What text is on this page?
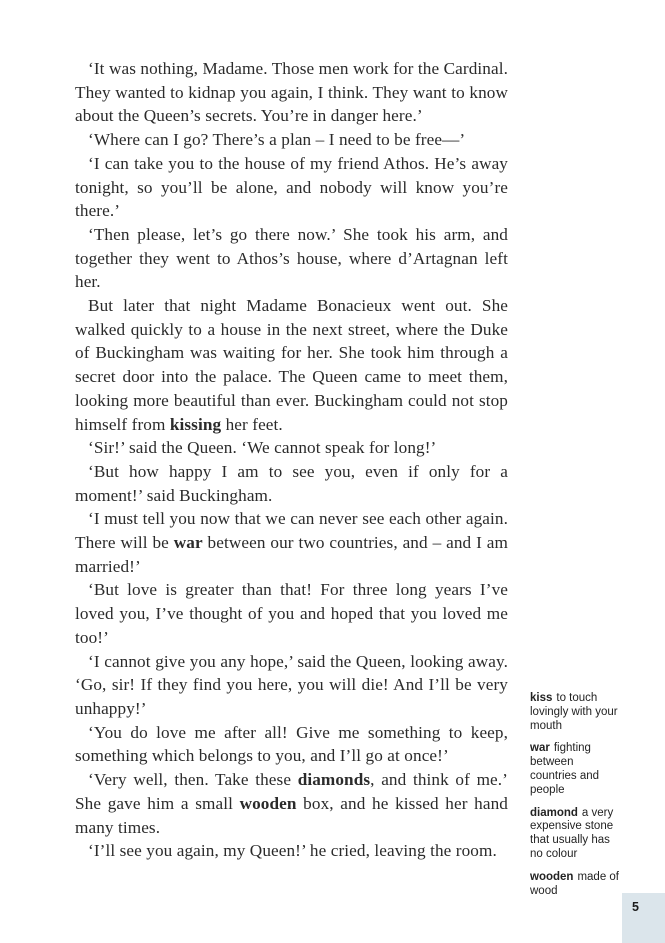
‘It was nothing, Madame. Those men work for the Cardinal. They wanted to kidnap you again, I think. They want to know about the Queen’s secrets. You’re in danger here.’

‘Where can I go? There’s a plan – I need to be free—’

‘I can take you to the house of my friend Athos. He’s away tonight, so you’ll be alone, and nobody will know you’re there.’

‘Then please, let’s go there now.’ She took his arm, and together they went to Athos’s house, where d’Artagnan left her.

But later that night Madame Bonacieux went out. She walked quickly to a house in the next street, where the Duke of Buckingham was waiting for her. She took him through a secret door into the palace. The Queen came to meet them, looking more beautiful than ever. Buckingham could not stop himself from kissing her feet.

‘Sir!’ said the Queen. ‘We cannot speak for long!’

‘But how happy I am to see you, even if only for a moment!’ said Buckingham.

‘I must tell you now that we can never see each other again. There will be war between our two countries, and – and I am married!’

‘But love is greater than that! For three long years I’ve loved you, I’ve thought of you and hoped that you loved me too!’

‘I cannot give you any hope,’ said the Queen, looking away. ‘Go, sir! If they find you here, you will die! And I’ll be very unhappy!’

‘You do love me after all! Give me something to keep, something which belongs to you, and I’ll go at once!’

‘Very well, then. Take these diamonds, and think of me.’ She gave him a small wooden box, and he kissed her hand many times.

‘I’ll see you again, my Queen!’ he cried, leaving the room.

kiss to touch lovingly with your mouth

war fighting between countries and people

diamond a very expensive stone that usually has no colour

wooden made of wood

5
